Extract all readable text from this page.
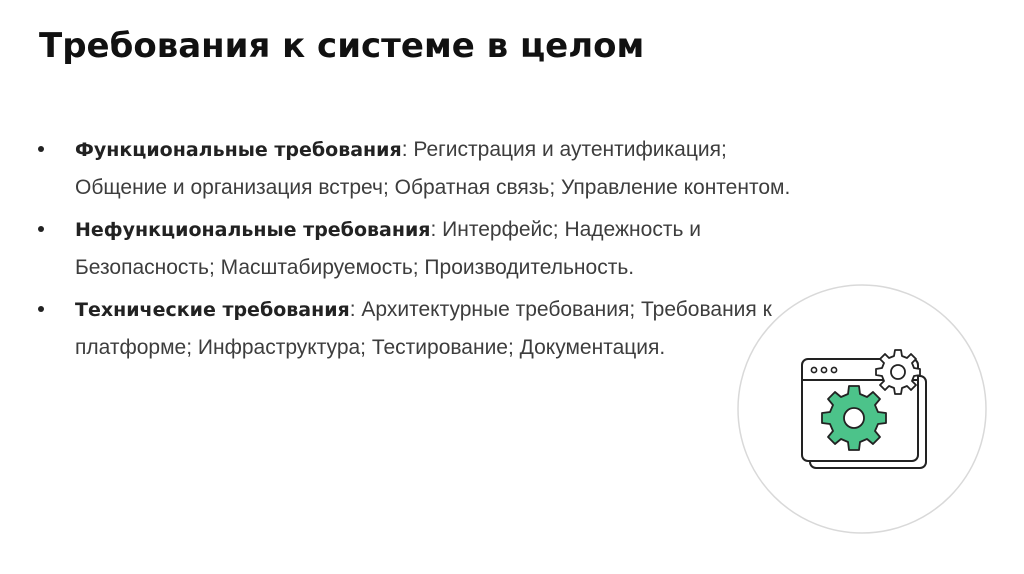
Требования к системе в целом
Функциональные требования: Регистрация и аутентификация; Общение и организация встреч; Обратная связь; Управление контентом.
Нефункциональные требования: Интерфейс; Надежность и Безопасность; Масштабируемость; Производительность.
Технические требования: Архитектурные требования; Требования к платформе; Инфраструктура; Тестирование; Документация.
